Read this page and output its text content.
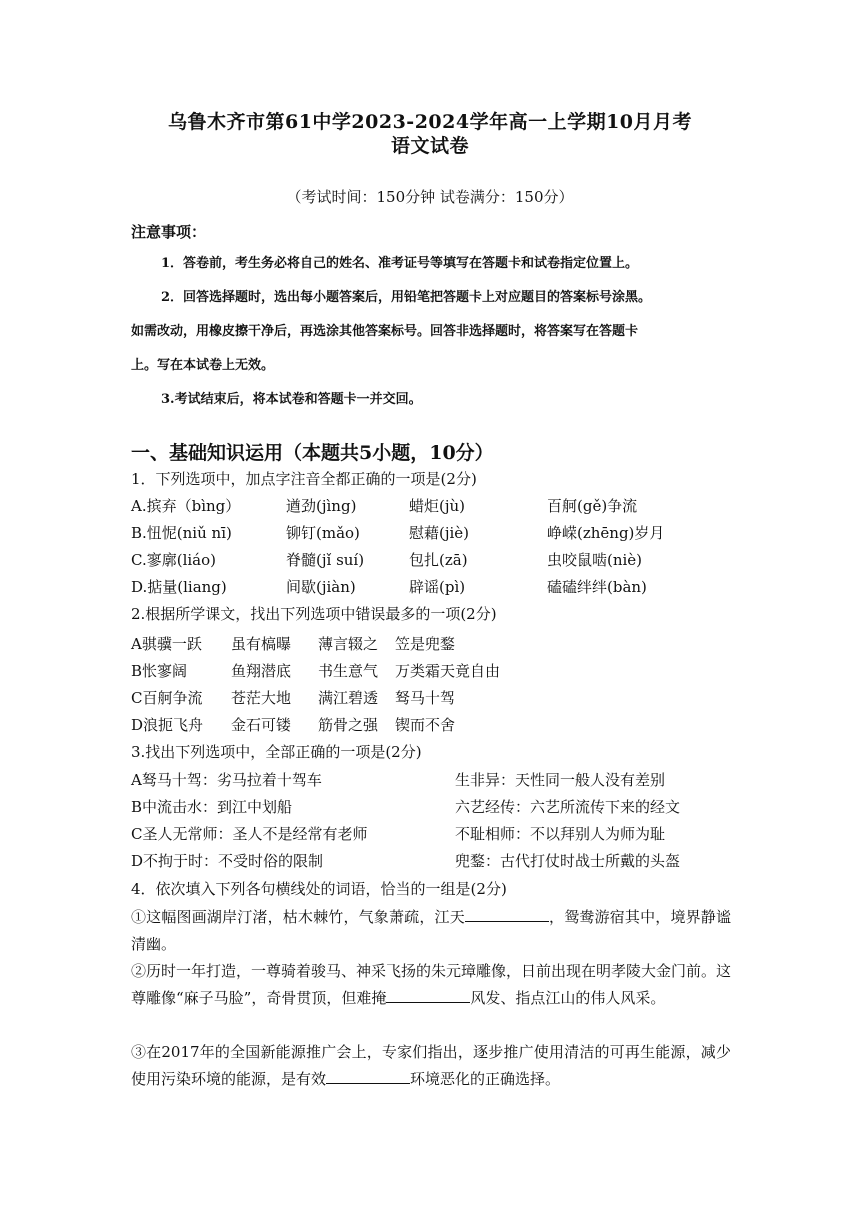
乌鲁木齐市第61中学2023-2024学年高一上学期10月月考
语文试卷
（考试时间：150分钟 试卷满分：150分）
注意事项：
1．答卷前，考生务必将自己的姓名、准考证号等填写在答题卡和试卷指定位置上。
2．回答选择题时，选出每小题答案后，用铅笔把答题卡上对应题目的答案标号涂黑。
如需改动，用橡皮擦干净后，再选涂其他答案标号。回答非选择题时，将答案写在答题卡
上。写在本试卷上无效。
3.考试结束后，将本试卷和答题卡一并交回。
一、基础知识运用（本题共5小题，10分）
1．下列选项中，加点字注音全都正确的一项是(2分)
A.摈弃（bìng）	遒劲(jìng)	蜡炬(jù)	百舸(gě)争流
B.忸怩(niǔ nī)	铆钉(mǎo)	慰藉(jiè)	峥嵘(zhēng)岁月
C.寥廓(liáo)	脊髓(jǐ suí)	包扎(zā)	虫咬鼠啮(niè)
D.掂量(liang)	间歇(jiàn)	辟谣(pì)	磕磕绊绊(bàn)
2.根据所学课文，找出下列选项中错误最多的一项(2分)
A骐骥一跃 虽有槁曝 薄言辍之 笠是兜鍪
B怅寥阔	鱼翔潜底 书生意气 万类霜天竟自由
C百舸争流 苍茫大地 满江碧透 驽马十驾
D浪扼飞舟 金石可镂 筋骨之强 锲而不舍
3.找出下列选项中，全部正确的一项是(2分)
A驽马十驾：劣马拉着十驾车	生非异：天性同一般人没有差别
B中流击水：到江中划船	六艺经传：六艺所流传下来的经文
C圣人无常师：圣人不是经常有老师	不耻相师：不以拜别人为师为耻
D不拘于时：不受时俗的限制	兜鍪：古代打仗时战士所戴的头盔
4．依次填入下列各句横线处的词语，恰当的一组是(2分)
①这幅图画湖岸汀渚，枯木棘竹，气象萧疏，江天	，鸳鸯游宿其中，境界静谧清幽。
②历时一年打造，一尊骑着骏马、神采飞扬的朱元璋雕像，日前出现在明孝陵大金门前。这尊雕像“麻子马脸”，奇骨贯顶，但难掩	风发、指点江山的伟人风采。
③在2017年的全国新能源推广会上，专家们指出，逐步推广使用清洁的可再生能源，减少使用污染环境的能源，是有效	环境恶化的正确选择。
